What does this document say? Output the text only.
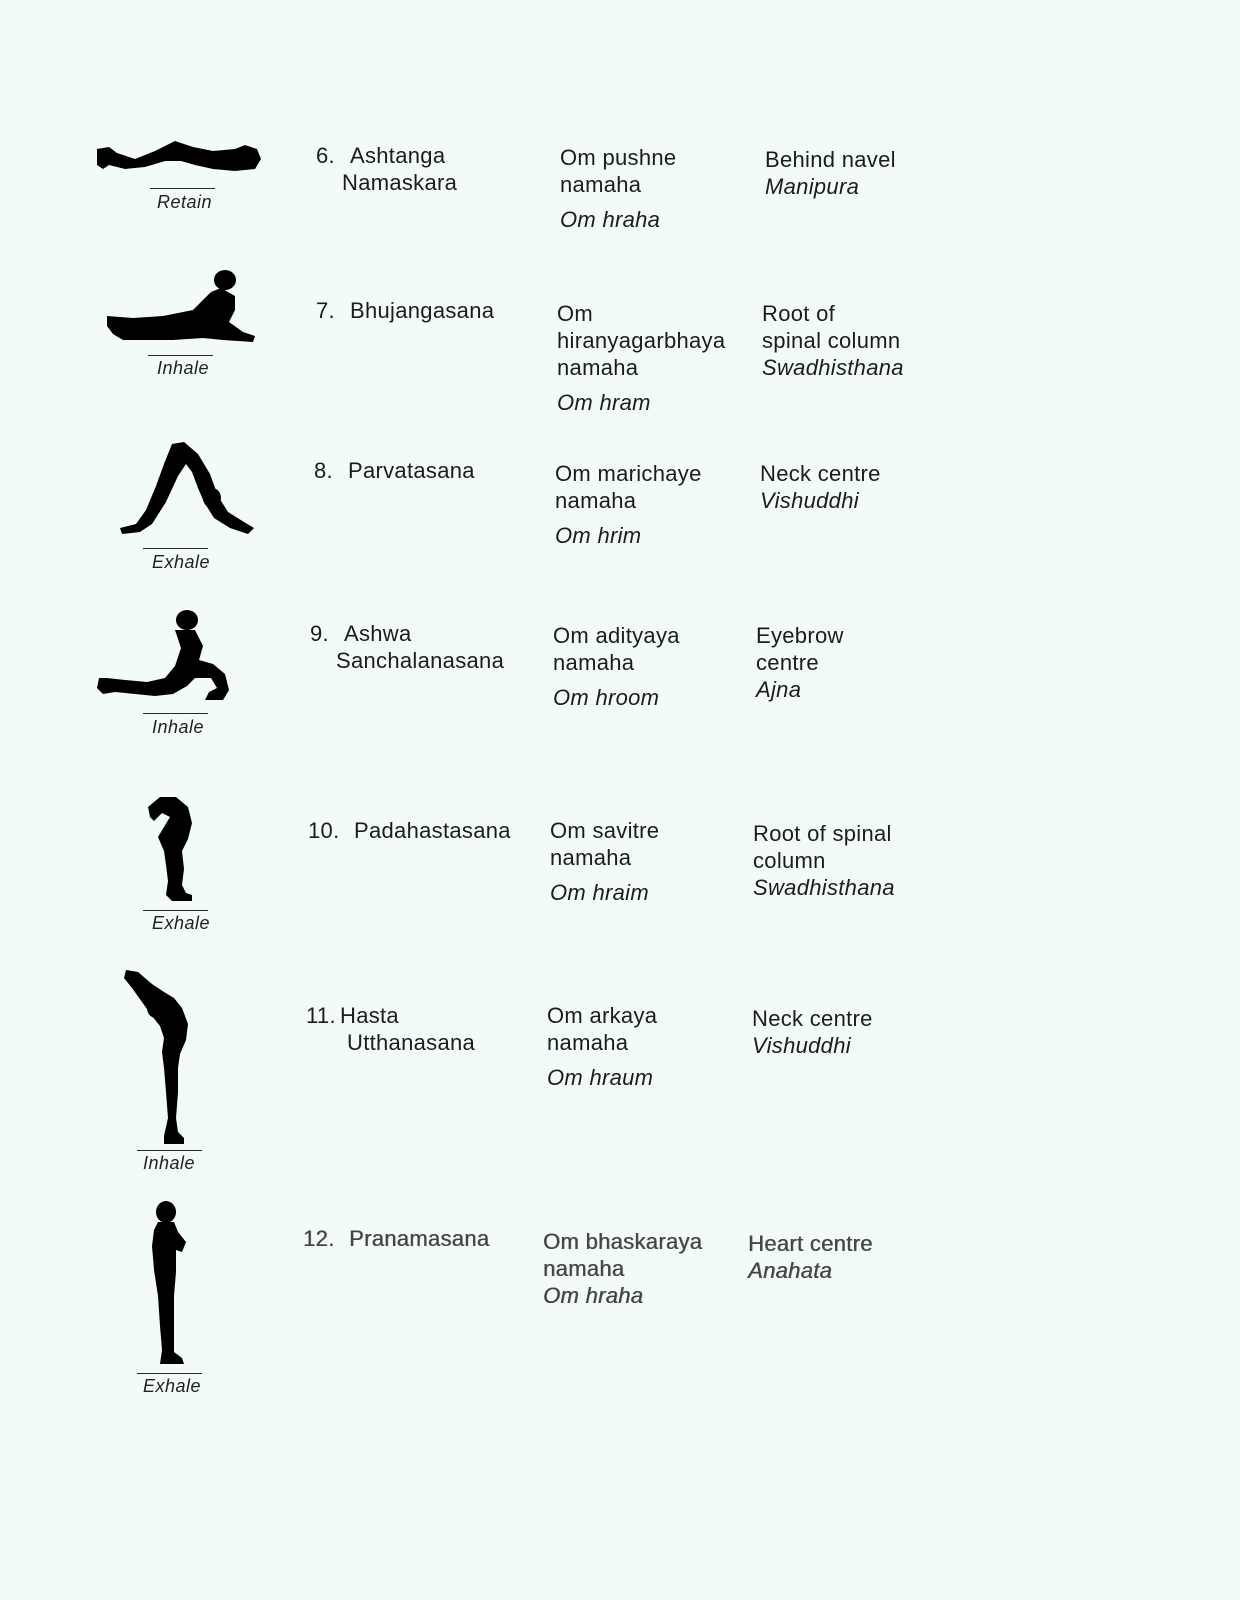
Retain
6. Ashtanga
Namaskara
Om pushne
namaha
Om hraha
Behind navel
Manipura
Inhale
7. Bhujangasana	Om
hiranyagarbhaya
namaha
Om hram
Root of
spinal column
Swadhisthana
Exhale
8. Parvatasana	Om marichaye
namaha
Om hrim
Neck centre
Vishuddhi
Inhale
9. Ashwa
Sanchalanasana
Om adityaya
namaha
Om hroom
Eyebrow
centre
Ajna
Exhale
10. Padahastasana Om savitre
namaha
Om hraim
Root of spinal
column
Swadhisthana
Inhale
11. Hasta
Utthanasana
Om arkaya
namaha
Om hraum
Neck centre
Vishuddhi
Exhale
12. Pranamasana Om bhaskaraya
namaha
Om hraha
Heart centre
Anahata
